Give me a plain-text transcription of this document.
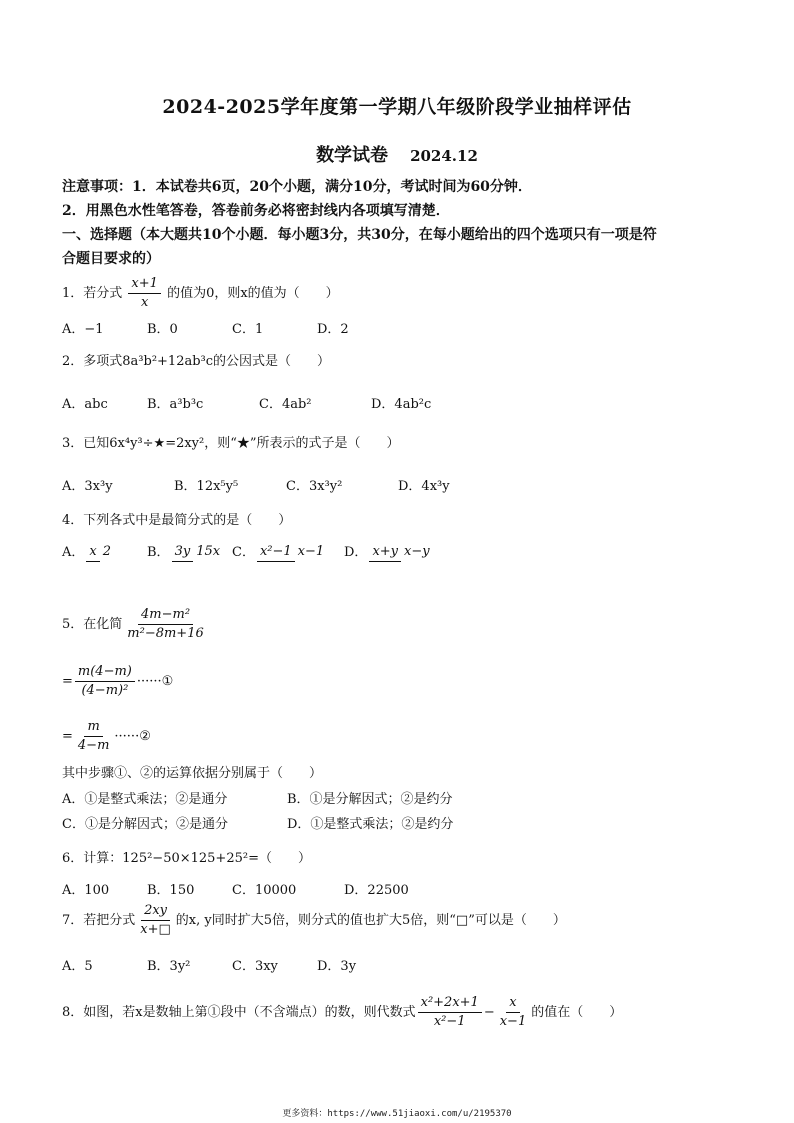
2024-2025学年度第一学期八年级阶段学业抽样评估
数学试卷 2024.12
注意事项：1．本试卷共6页，20个小题，满分10分，考试时间为60分钟．
2．用黑色水性笔答卷，答卷前务必将密封线内各项填写清楚．
一、选择题（本大题共10个小题．每小题3分，共30分，在每小题给出的四个选项只有一项是符
合题目要求的）
1．若分式 $\frac{x+1}{x}$ 的值为0，则x的值为（　　）
A．−1	B．0	C．1	D．2
2．多项式8a³b²+12ab³c的公因式是（　　）
A．abc	B．a³b³c	C．4ab²	D．4ab²c
3．已知6x⁴y³÷★=2xy²，则“★”所表示的式子是（　　）
A．3x³y	B．12x⁵y⁵	C．3x³y²	D．4x³y
4．下列各式中是最简分式的是（　　）
A． x 2	B． 3y 15x C． x²−1 x−1 D． x+y x−y
5．在化简 $\frac{\text{4m−m²}}{\text{m²−8m+16}}$
= $\frac{m(4-m)}{\text{(4−m)²}}$ ······①
= $\frac{m}{4-m}$ ······②
其中步骤①、②的运算依据分别属于（　　）
A．①是整式乘法；②是通分	B．①是分解因式；②是约分
C．①是分解因式；②是通分	D．①是整式乘法；②是约分
6．计算：125²−50×125+25²=（　　）
A．100	B．150	C．10000	D．22500
7．若把分式 $\frac{2xy}{x+□}$ 的x, y同时扩大5倍，则分式的值也扩大5倍，则“□”可以是（　　）
A．5	B．3y²	C．3xy	D．3y
8．如图，若x是数轴上第①段中（不含端点）的数，则代数式 $\frac{\text{x²+2x+1}}{\text{x²−1}} - \frac{x}{x-1}$ 的值在（　　）
更多资料：https://www.51jiaoxi.com/u/2195370
